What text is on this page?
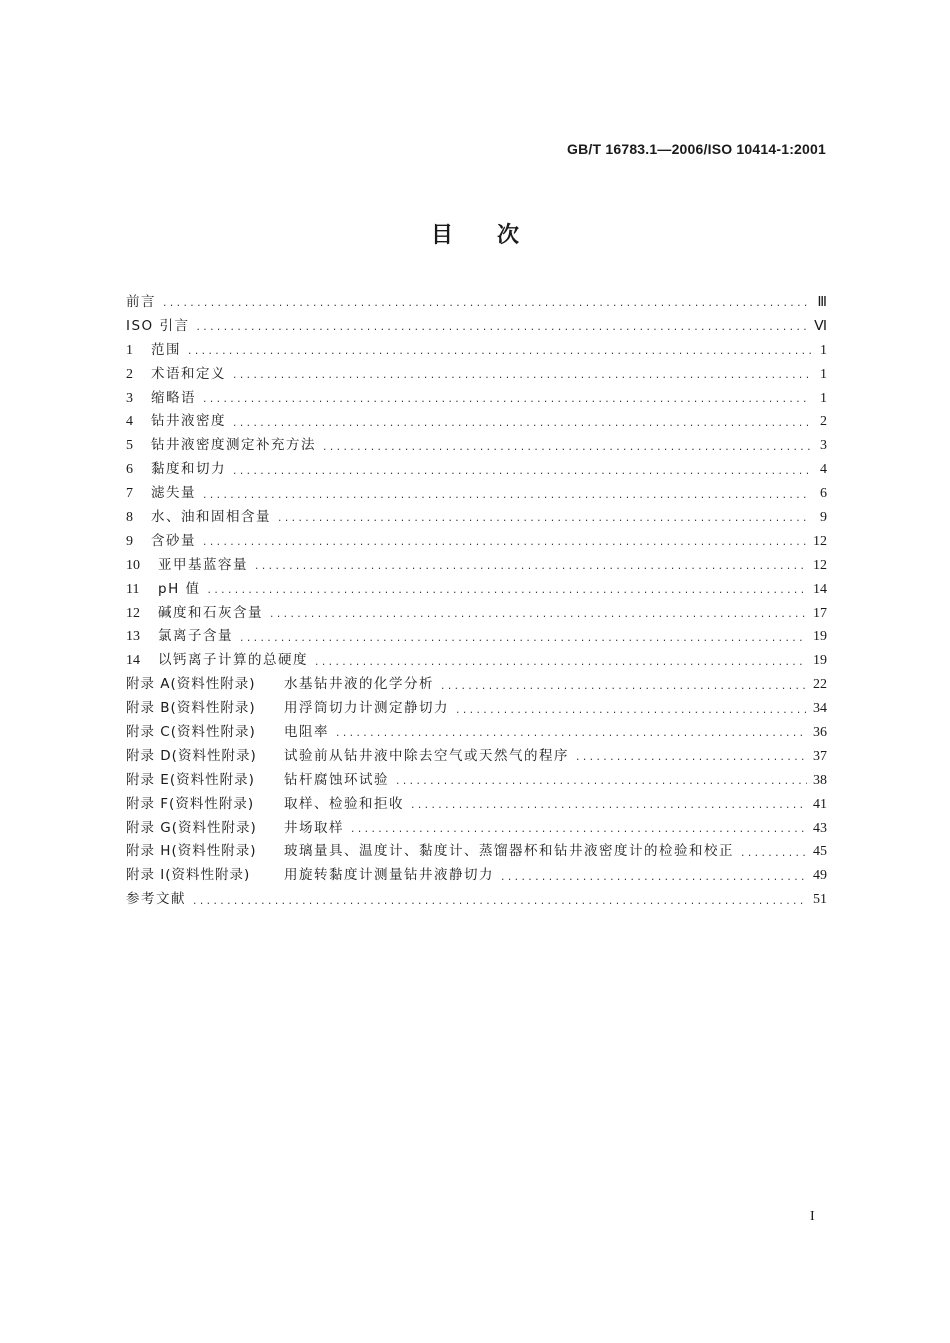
GB/T 16783.1—2006/ISO 10414-1:2001
目 次
前言 .....	Ⅲ
ISO 引言 .....	Ⅵ
1	范围 .....	1
2	术语和定义 .....	1
3	缩略语 .....	1
4	钻井液密度 .....	2
5	钻井液密度测定补充方法 .....	3
6	黏度和切力 .....	4
7	滤失量 .....	6
8	水、油和固相含量 .....	9
9	含砂量 .....	12
10	亚甲基蓝容量 .....	12
11	pH 值 .....	14
12	碱度和石灰含量 .....	17
13	氯离子含量 .....	19
14	以钙离子计算的总硬度 .....	19
附录 A(资料性附录)	水基钻井液的化学分析 .....	22
附录 B(资料性附录)	用浮筒切力计测定静切力 .....	34
附录 C(资料性附录)	电阻率 .....	36
附录 D(资料性附录)	试验前从钻井液中除去空气或天然气的程序 .....	37
附录 E(资料性附录)	钻杆腐蚀环试验 .....	38
附录 F(资料性附录)	取样、检验和拒收 .....	41
附录 G(资料性附录)	井场取样 .....	43
附录 H(资料性附录)	玻璃量具、温度计、黏度计、蒸馏器杯和钻井液密度计的检验和校正 .....	45
附录 I(资料性附录)	用旋转黏度计测量钻井液静切力 .....	49
参考文献 .....	51
I
